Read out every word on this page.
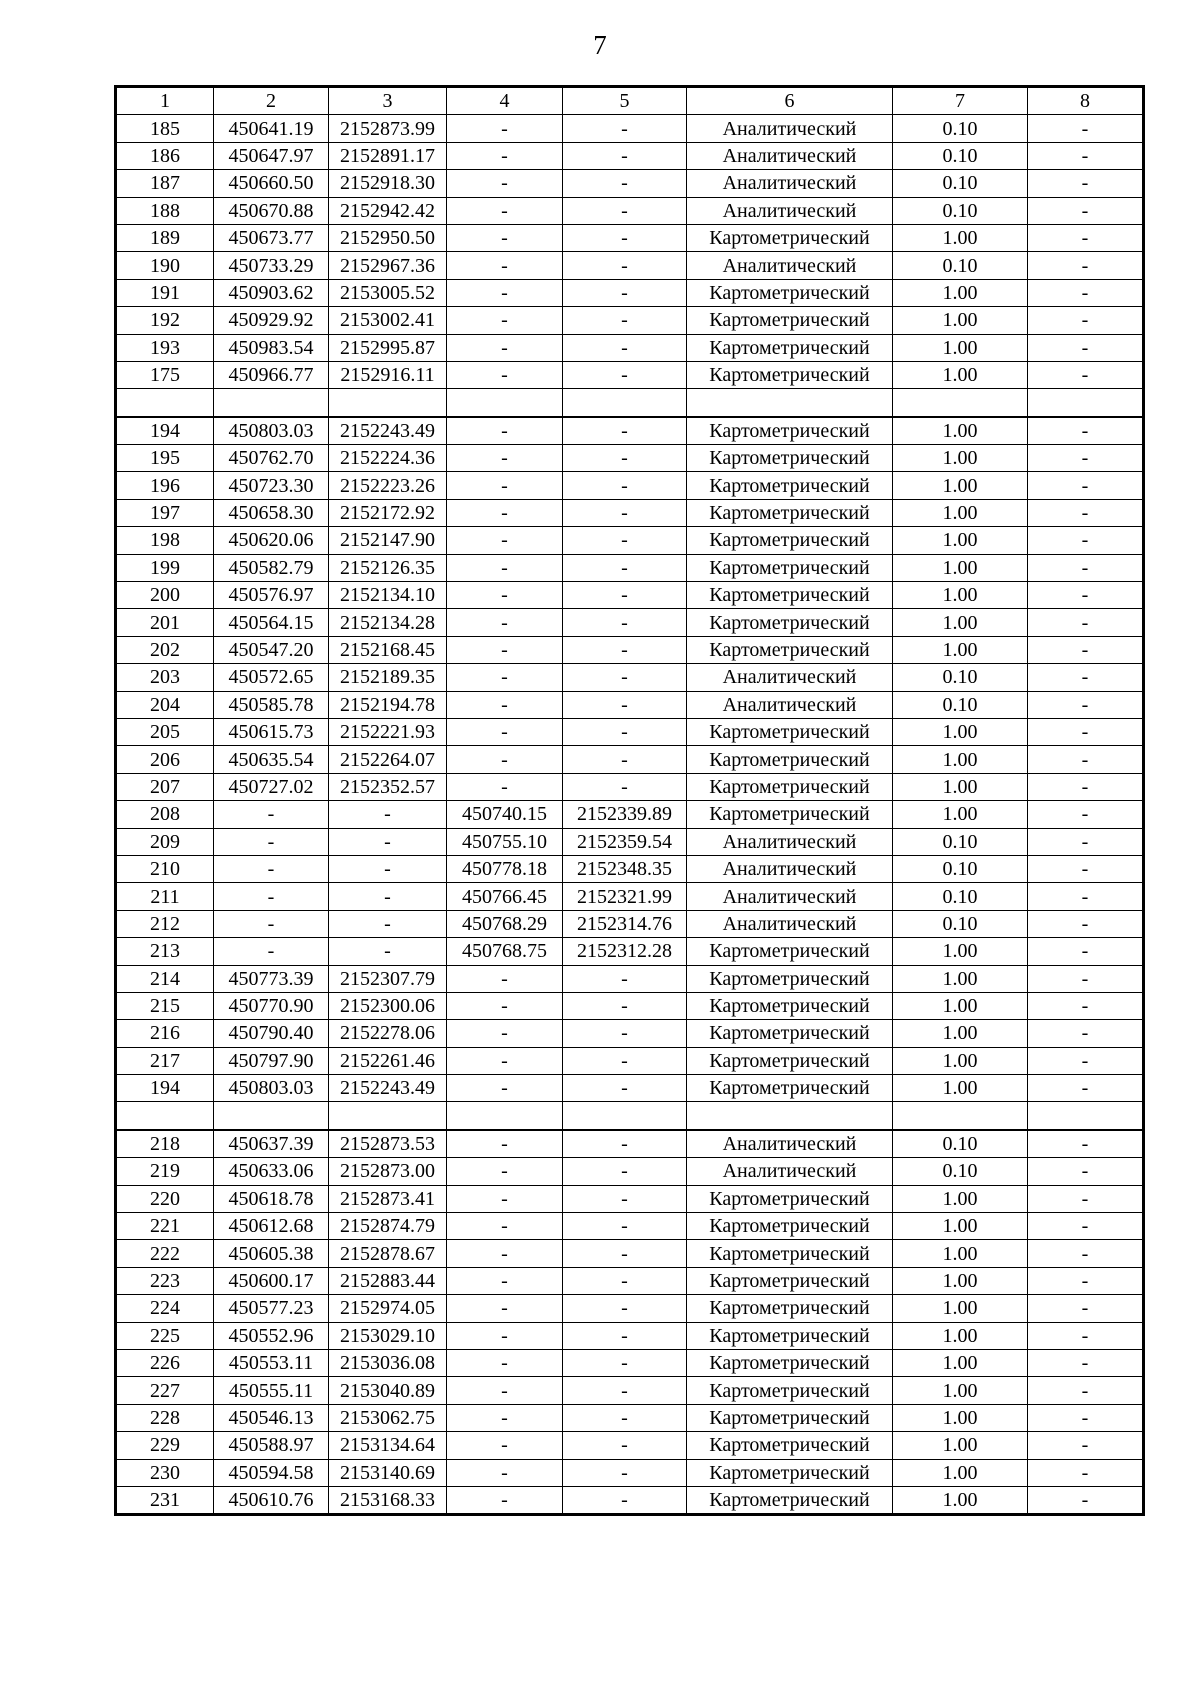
7
1	2	3	4	5	6	7	8
185	450641.19	2152873.99	-	-	Аналитический	0.10	-
186	450647.97	2152891.17	-	-	Аналитический	0.10	-
187	450660.50	2152918.30	-	-	Аналитический	0.10	-
188	450670.88	2152942.42	-	-	Аналитический	0.10	-
189	450673.77	2152950.50	-	-	Картометрический	1.00	-
190	450733.29	2152967.36	-	-	Аналитический	0.10	-
191	450903.62	2153005.52	-	-	Картометрический	1.00	-
192	450929.92	2153002.41	-	-	Картометрический	1.00	-
193	450983.54	2152995.87	-	-	Картометрический	1.00	-
175	450966.77	2152916.11	-	-	Картометрический	1.00	-

194	450803.03	2152243.49	-	-	Картометрический	1.00	-
195	450762.70	2152224.36	-	-	Картометрический	1.00	-
196	450723.30	2152223.26	-	-	Картометрический	1.00	-
197	450658.30	2152172.92	-	-	Картометрический	1.00	-
198	450620.06	2152147.90	-	-	Картометрический	1.00	-
199	450582.79	2152126.35	-	-	Картометрический	1.00	-
200	450576.97	2152134.10	-	-	Картометрический	1.00	-
201	450564.15	2152134.28	-	-	Картометрический	1.00	-
202	450547.20	2152168.45	-	-	Картометрический	1.00	-
203	450572.65	2152189.35	-	-	Аналитический	0.10	-
204	450585.78	2152194.78	-	-	Аналитический	0.10	-
205	450615.73	2152221.93	-	-	Картометрический	1.00	-
206	450635.54	2152264.07	-	-	Картометрический	1.00	-
207	450727.02	2152352.57	-	-	Картометрический	1.00	-
208	-	-	450740.15	2152339.89	Картометрический	1.00	-
209	-	-	450755.10	2152359.54	Аналитический	0.10	-
210	-	-	450778.18	2152348.35	Аналитический	0.10	-
211	-	-	450766.45	2152321.99	Аналитический	0.10	-
212	-	-	450768.29	2152314.76	Аналитический	0.10	-
213	-	-	450768.75	2152312.28	Картометрический	1.00	-
214	450773.39	2152307.79	-	-	Картометрический	1.00	-
215	450770.90	2152300.06	-	-	Картометрический	1.00	-
216	450790.40	2152278.06	-	-	Картометрический	1.00	-
217	450797.90	2152261.46	-	-	Картометрический	1.00	-
194	450803.03	2152243.49	-	-	Картометрический	1.00	-

218	450637.39	2152873.53	-	-	Аналитический	0.10	-
219	450633.06	2152873.00	-	-	Аналитический	0.10	-
220	450618.78	2152873.41	-	-	Картометрический	1.00	-
221	450612.68	2152874.79	-	-	Картометрический	1.00	-
222	450605.38	2152878.67	-	-	Картометрический	1.00	-
223	450600.17	2152883.44	-	-	Картометрический	1.00	-
224	450577.23	2152974.05	-	-	Картометрический	1.00	-
225	450552.96	2153029.10	-	-	Картометрический	1.00	-
226	450553.11	2153036.08	-	-	Картометрический	1.00	-
227	450555.11	2153040.89	-	-	Картометрический	1.00	-
228	450546.13	2153062.75	-	-	Картометрический	1.00	-
229	450588.97	2153134.64	-	-	Картометрический	1.00	-
230	450594.58	2153140.69	-	-	Картометрический	1.00	-
231	450610.76	2153168.33	-	-	Картометрический	1.00	-
